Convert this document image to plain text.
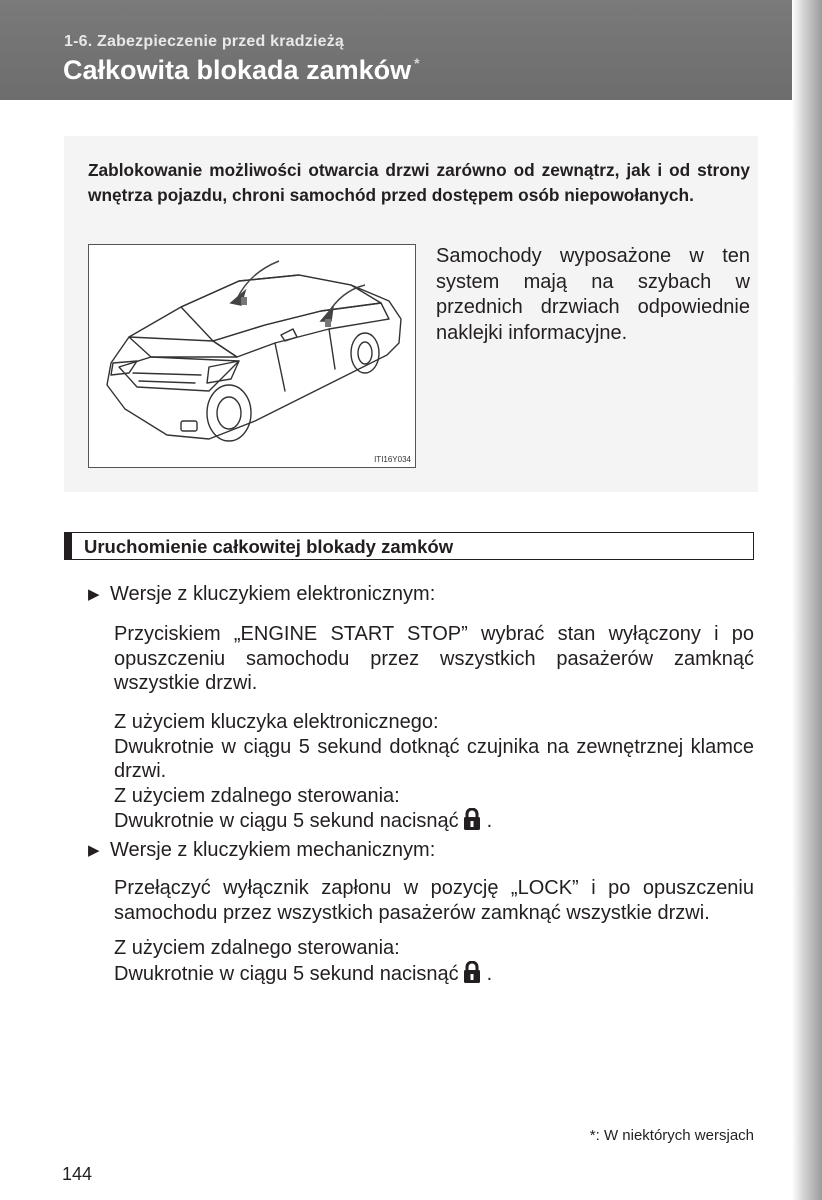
1-6. Zabezpieczenie przed kradzieżą
Całkowita blokada zamków *

Zablokowanie możliwości otwarcia drzwi zarówno od zewnątrz, jak i od strony wnętrza pojazdu, chroni samochód przed dostępem osób niepowołanych.

ITI16Y034

Samochody wyposażone w ten system mają na szybach w przednich drzwiach odpowiednie naklejki informacyjne.

Uruchomienie całkowitej blokady zamków
▶ Wersje z kluczykiem elektronicznym:

Przyciskiem „ENGINE START STOP” wybrać stan wyłączony i po opuszczeniu samochodu przez wszystkich pasażerów zamknąć wszystkie drzwi.

Z użyciem kluczyka elektronicznego:
Dwukrotnie w ciągu 5 sekund dotknąć czujnika na zewnętrznej klamce drzwi.
Z użyciem zdalnego sterowania:
Dwukrotnie w ciągu 5 sekund nacisnąć .

▶ Wersje z kluczykiem mechanicznym:

Przełączyć wyłącznik zapłonu w pozycję „LOCK” i po opuszczeniu samochodu przez wszystkich pasażerów zamknąć wszystkie drzwi.

Z użyciem zdalnego sterowania:
Dwukrotnie w ciągu 5 sekund nacisnąć .

*: W niektórych wersjach
144
